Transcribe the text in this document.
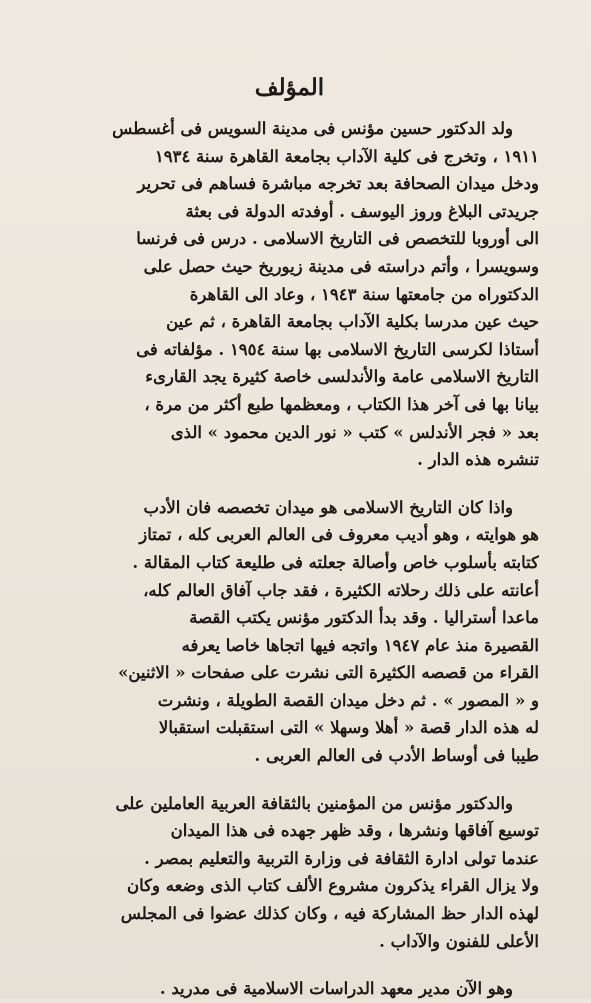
المؤلف
ولد الدكتور حسين مؤنس فى مدينة السويس فى أغسطس
١٩١١ ، وتخرج فى كلية الآداب بجامعة القاهرة سنة ١٩٣٤
ودخل ميدان الصحافة بعد تخرجه مباشرة فساهم فى تحرير
جريدتى البلاغ وروز اليوسف . أوفدته الدولة فى بعثة
الى أوروبا للتخصص فى التاريخ الاسلامى . درس فى فرنسا
وسويسرا ، وأتم دراسته فى مدينة زيوريخ حيث حصل على
الدكتوراه من جامعتها سنة ١٩٤٣ ، وعاد الى القاهرة
حيث عين مدرسا بكلية الآداب بجامعة القاهرة ، ثم عين
أستاذا لكرسى التاريخ الاسلامى بها سنة ١٩٥٤ . مؤلفاته فى
التاريخ الاسلامى عامة والأندلسى خاصة كثيرة يجد القارىء
بيانا بها فى آخر هذا الكتاب ، ومعظمها طبع أكثر من مرة ،
بعد « فجر الأندلس » كتب « نور الدين محمود » الذى
تنشره هذه الدار .
واذا كان التاريخ الاسلامى هو ميدان تخصصه فان الأدب
هو هوايته ، وهو أديب معروف فى العالم العربى كله ، تمتاز
كتابته بأسلوب خاص وأصالة جعلته فى طليعة كتاب المقالة .
أعانته على ذلك رحلاته الكثيرة ، فقد جاب آفاق العالم كله،
ماعدا أستراليا . وقد بدأ الدكتور مؤنس يكتب القصة
القصيرة منذ عام ١٩٤٧ واتجه فيها اتجاها خاصا يعرفه
القراء من قصصه الكثيرة التى نشرت على صفحات « الاثنين»
و « المصور » . ثم دخل ميدان القصة الطويلة ، ونشرت
له هذه الدار قصة « أهلا وسهلا » التى استقبلت استقبالا
طيبا فى أوساط الأدب فى العالم العربى .
والدكتور مؤنس من المؤمنين بالثقافة العربية العاملين على
توسيع آفاقها ونشرها ، وقد ظهر جهده فى هذا الميدان
عندما تولى ادارة الثقافة فى وزارة التربية والتعليم بمصر .
ولا يزال القراء يذكرون مشروع الألف كتاب الذى وضعه وكان
لهذه الدار حظ المشاركة فيه ، وكان كذلك عضوا فى المجلس
الأعلى للفنون والآداب .
وهو الآن مدير معهد الدراسات الاسلامية فى مدريد .
